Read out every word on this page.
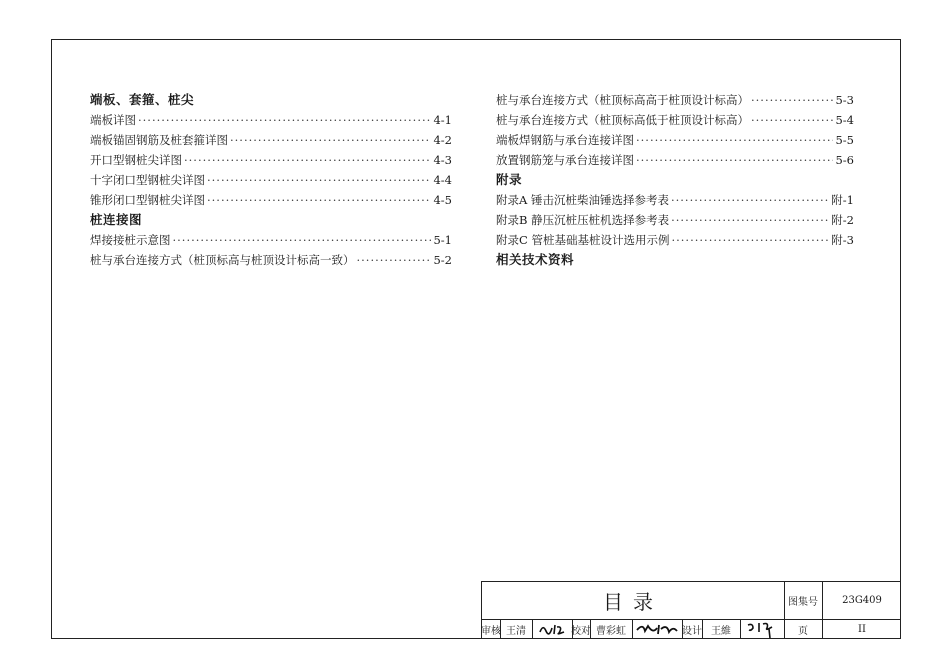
端板、套箍、桩尖
端板详图 ·····	4-1
端板锚固钢筋及桩套箍详图 ·····	4-2
开口型钢桩尖详图 ·····	4-3
十字闭口型钢桩尖详图 ·····	4-4
锥形闭口型钢桩尖详图 ·····	4-5
桩连接图
焊接接桩示意图 ·····	5-1
桩与承台连接方式（桩顶标高与桩顶设计标高一致） ·····	5-2
桩与承台连接方式（桩顶标高高于桩顶设计标高） ·····	5-3
桩与承台连接方式（桩顶标高低于桩顶设计标高） ·····	5-4
端板焊钢筋与承台连接详图 ·····	5-5
放置钢筋笼与承台连接详图 ·····	5-6
附录
附录A 锤击沉桩柴油锤选择参考表 ·····	附-1
附录B 静压沉桩压桩机选择参考表 ·····	附-2
附录C 管桩基础基桩设计选用示例 ·····	附-3
相关技术资料
目录	图集号	23G409
审核 王清	校对 曹彩虹	设计 王維	页	II
